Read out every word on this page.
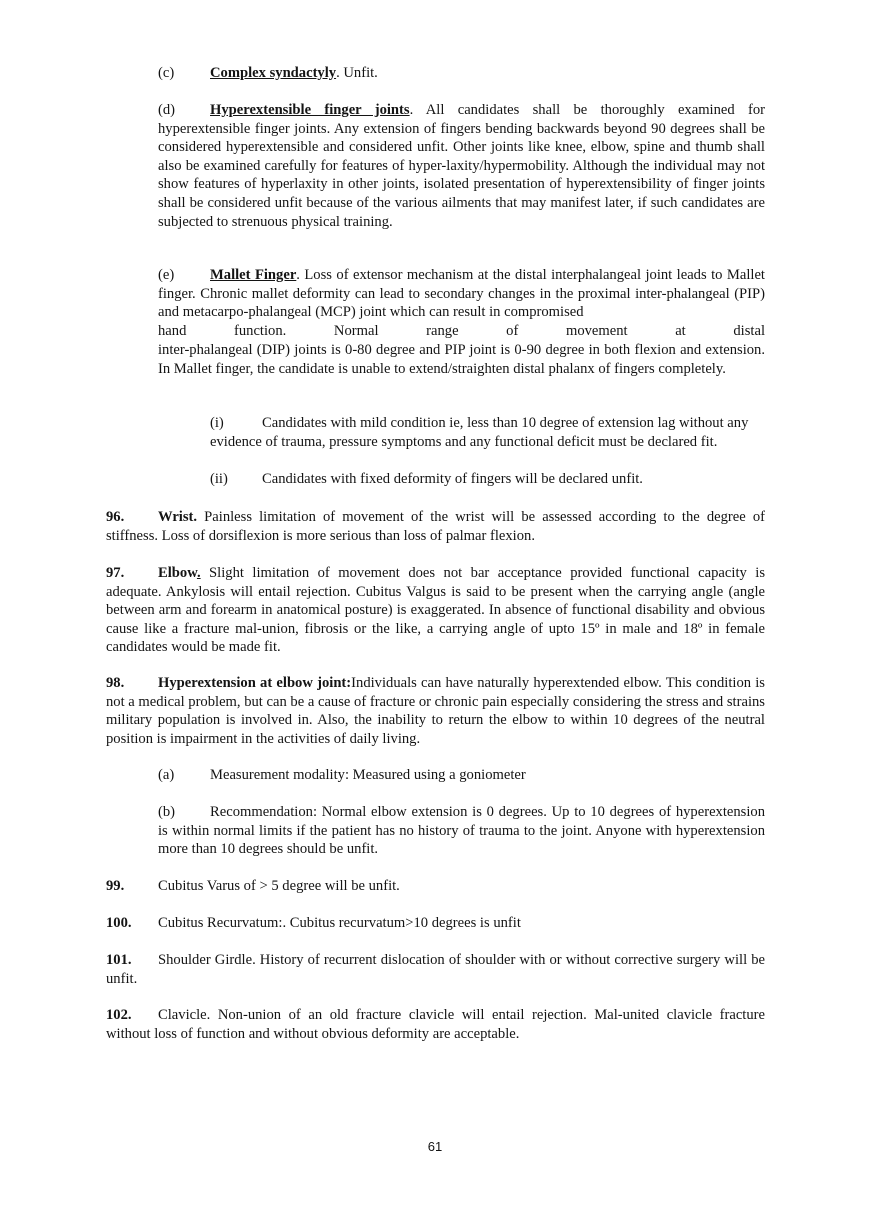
(c) Complex syndactyly. Unfit.

(d) Hyperextensible finger joints. All candidates shall be thoroughly examined for hyperextensible finger joints. Any extension of fingers bending backwards beyond 90 degrees shall be considered hyperextensible and considered unfit. Other joints like knee, elbow, spine and thumb shall also be examined carefully for features of hyper-laxity/hypermobility. Although the individual may not show features of hyperlaxity in other joints, isolated presentation of hyperextensibility of finger joints shall be considered unfit because of the various ailments that may manifest later, if such candidates are subjected to strenuous physical training.

(e) Mallet Finger. Loss of extensor mechanism at the distal interphalangeal joint leads to Mallet finger. Chronic mallet deformity can lead to secondary changes in the proximal inter-phalangeal (PIP) and metacarpo-phalangeal (MCP) joint which can result in compromised

hand function. Normal range of movement at distal

inter-phalangeal (DIP) joints is 0-80 degree and PIP joint is 0-90 degree in both flexion and extension. In Mallet finger, the candidate is unable to extend/straighten distal phalanx of fingers completely.

(i)	Candidates with mild condition ie, less than 10 degree of extension lag without any evidence of trauma, pressure symptoms and any functional deficit must be declared fit.

(ii) Candidates with fixed deformity of fingers will be declared unfit.

96. Wrist. Painless limitation of movement of the wrist will be assessed according to the degree of stiffness. Loss of dorsiflexion is more serious than loss of palmar flexion.

97. Elbow. Slight limitation of movement does not bar acceptance provided functional capacity is adequate. Ankylosis will entail rejection. Cubitus Valgus is said to be present when the carrying angle (angle between arm and forearm in anatomical posture) is exaggerated. In absence of functional disability and obvious cause like a fracture mal-union, fibrosis or the like, a carrying angle of upto 15º in male and 18º in female candidates would be made fit.

98. Hyperextension at elbow joint:Individuals can have naturally hyperextended elbow. This condition is not a medical problem, but can be a cause of fracture or chronic pain especially considering the stress and strains military population is involved in. Also, the inability to return the elbow to within 10 degrees of the neutral position is impairment in the activities of daily living.

(a) Measurement modality: Measured using a goniometer

(b) Recommendation: Normal elbow extension is 0 degrees. Up to 10 degrees of hyperextension is within normal limits if the patient has no history of trauma to the joint. Anyone with hyperextension more than 10 degrees should be unfit.

99. Cubitus Varus of > 5 degree will be unfit.

100. Cubitus Recurvatum:. Cubitus recurvatum>10 degrees is unfit

101. Shoulder Girdle. History of recurrent dislocation of shoulder with or without corrective surgery will be unfit.

102. Clavicle. Non-union of an old fracture clavicle will entail rejection. Mal-united clavicle fracture without loss of function and without obvious deformity are acceptable.

61
